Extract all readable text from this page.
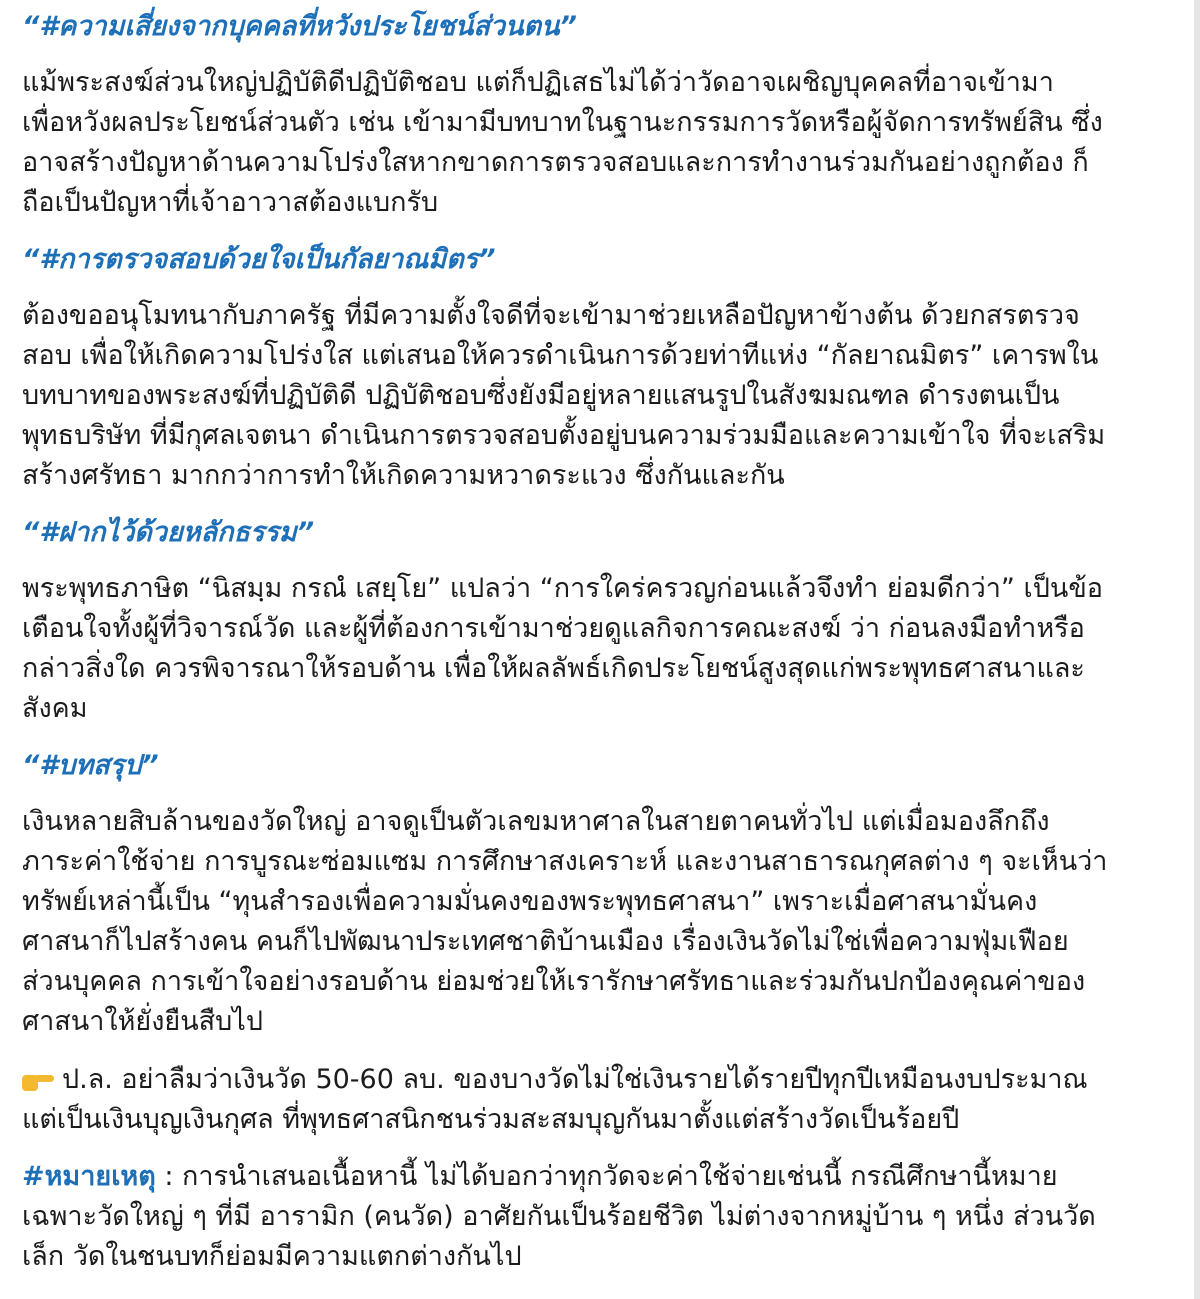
“#ความเสี่ยงจากบุคคลที่หวังประโยชน์ส่วนตน”
แม้พระสงฆ์ส่วนใหญ่ปฏิบัติดีปฏิบัติชอบ แต่ก็ปฏิเสธไม่ได้ว่าวัดอาจเผชิญบุคคลที่อาจเข้ามา
เพื่อหวังผลประโยชน์ส่วนตัว เช่น เข้ามามีบทบาทในฐานะกรรมการวัดหรือผู้จัดการทรัพย์สิน ซึ่ง
อาจสร้างปัญหาด้านความโปร่งใสหากขาดการตรวจสอบและการทำงานร่วมกันอย่างถูกต้อง ก็
ถือเป็นปัญหาที่เจ้าอาวาสต้องแบกรับ
“#การตรวจสอบด้วยใจเป็นกัลยาณมิตร”
ต้องขออนุโมทนากับภาครัฐ ที่มีความตั้งใจดีที่จะเข้ามาช่วยเหลือปัญหาข้างต้น ด้วยกสรตรวจ
สอบ เพื่อให้เกิดความโปร่งใส แต่เสนอให้ควรดำเนินการด้วยท่าทีแห่ง “กัลยาณมิตร” เคารพใน
บทบาทของพระสงฆ์ที่ปฏิบัติดี ปฏิบัติชอบซึ่งยังมีอยู่หลายแสนรูปในสังฆมณฑล ดำรงตนเป็น
พุทธบริษัท ที่มีกุศลเจตนา ดำเนินการตรวจสอบตั้งอยู่บนความร่วมมือและความเข้าใจ ที่จะเสริม
สร้างศรัทธา มากกว่าการทำให้เกิดความหวาดระแวง ซึ่งกันและกัน
“#ฝากไว้ด้วยหลักธรรม”
พระพุทธภาษิต “นิสมฺม กรณํ เสยฺโย” แปลว่า “การใคร่ครวญก่อนแล้วจึงทำ ย่อมดีกว่า” เป็นข้อ
เตือนใจทั้งผู้ที่วิจารณ์วัด และผู้ที่ต้องการเข้ามาช่วยดูแลกิจการคณะสงฆ์ ว่า ก่อนลงมือทำหรือ
กล่าวสิ่งใด ควรพิจารณาให้รอบด้าน เพื่อให้ผลลัพธ์เกิดประโยชน์สูงสุดแก่พระพุทธศาสนาและ
สังคม
“#บทสรุป”
เงินหลายสิบล้านของวัดใหญ่ อาจดูเป็นตัวเลขมหาศาลในสายตาคนทั่วไป แต่เมื่อมองลึกถึง
ภาระค่าใช้จ่าย การบูรณะซ่อมแซม การศึกษาสงเคราะห์ และงานสาธารณกุศลต่าง ๆ จะเห็นว่า
ทรัพย์เหล่านี้เป็น “ทุนสำรองเพื่อความมั่นคงของพระพุทธศาสนา” เพราะเมื่อศาสนามั่นคง
ศาสนาก็ไปสร้างคน คนก็ไปพัฒนาประเทศชาติบ้านเมือง เรื่องเงินวัดไม่ใช่เพื่อความฟุ่มเฟือย
ส่วนบุคคล การเข้าใจอย่างรอบด้าน ย่อมช่วยให้เรารักษาศรัทธาและร่วมกันปกป้องคุณค่าของ
ศาสนาให้ยั่งยืนสืบไป
ป.ล. อย่าลืมว่าเงินวัด 50-60 ลบ. ของบางวัดไม่ใช่เงินรายได้รายปีทุกปีเหมือนงบประมาณ
แต่เป็นเงินบุญเงินกุศล ที่พุทธศาสนิกชนร่วมสะสมบุญกันมาตั้งแต่สร้างวัดเป็นร้อยปี
#หมายเหตุ : การนำเสนอเนื้อหานี้ ไม่ได้บอกว่าทุกวัดจะค่าใช้จ่ายเช่นนี้ กรณีศึกษานี้หมาย
เฉพาะวัดใหญ่ ๆ ที่มี อารามิก (คนวัด) อาศัยกันเป็นร้อยชีวิต ไม่ต่างจากหมู่บ้าน ๆ หนึ่ง ส่วนวัด
เล็ก วัดในชนบทก็ย่อมมีความแตกต่างกันไป
